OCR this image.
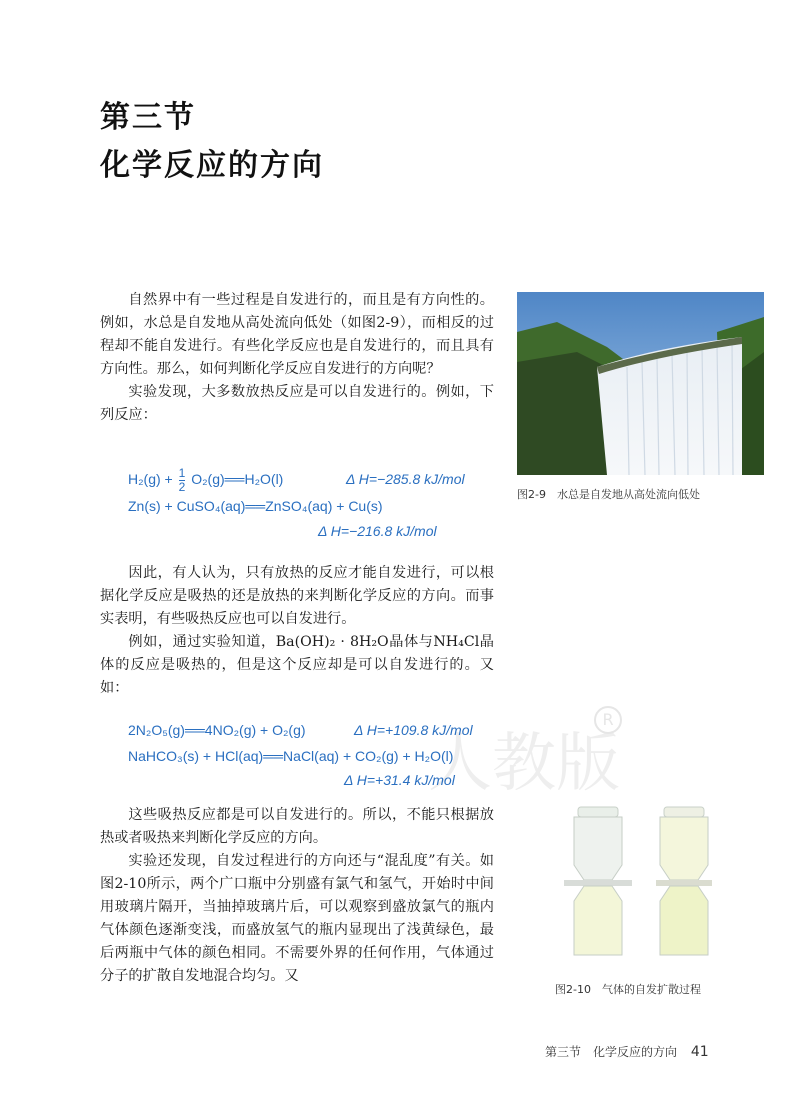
第三节
化学反应的方向

自然界中有一些过程是自发进行的，而且是有方向性的。例如，水总是自发地从高处流向低处（如图2-9），而相反的过程却不能自发进行。有些化学反应也是自发进行的，而且具有方向性。那么，如何判断化学反应自发进行的方向呢？

实验发现，大多数放热反应是可以自发进行的。例如，下列反应：

$H_2(g) + \frac{1}{2}$ O₂(g)══H₂O(l)	Δ H=−285.8 kJ/mol
Zn(s) + CuSO₄(aq)══ZnSO₄(aq) + Cu(s)
Δ H=−216.8 kJ/mol

因此，有人认为，只有放热的反应才能自发进行，可以根据化学反应是吸热的还是放热的来判断化学反应的方向。而事实表明，有些吸热反应也可以自发进行。

例如，通过实验知道，Ba(OH)₂ · 8H₂O晶体与NH₄Cl晶体的反应是吸热的，但是这个反应却是可以自发进行的。又如：

人教版
R
2N₂O₅(g)══4NO₂(g) + O₂(g)	Δ H=+109.8 kJ/mol
NaHCO₃(s) + HCl(aq)══NaCl(aq) + CO₂(g) + H₂O(l)
Δ H=+31.4 kJ/mol

这些吸热反应都是可以自发进行的。所以，不能只根据放热或者吸热来判断化学反应的方向。

实验还发现，自发过程进行的方向还与“混乱度”有关。如图2-10所示，两个广口瓶中分别盛有氯气和氢气，开始时中间用玻璃片隔开，当抽掉玻璃片后，可以观察到盛放氯气的瓶内气体颜色逐渐变浅，而盛放氢气的瓶内显现出了浅黄绿色，最后两瓶中气体的颜色相同。不需要外界的任何作用，气体通过分子的扩散自发地混合均匀。又

图2-9　水总是自发地从高处流向低处
图2-10　气体的自发扩散过程
第三节　化学反应的方向 41
